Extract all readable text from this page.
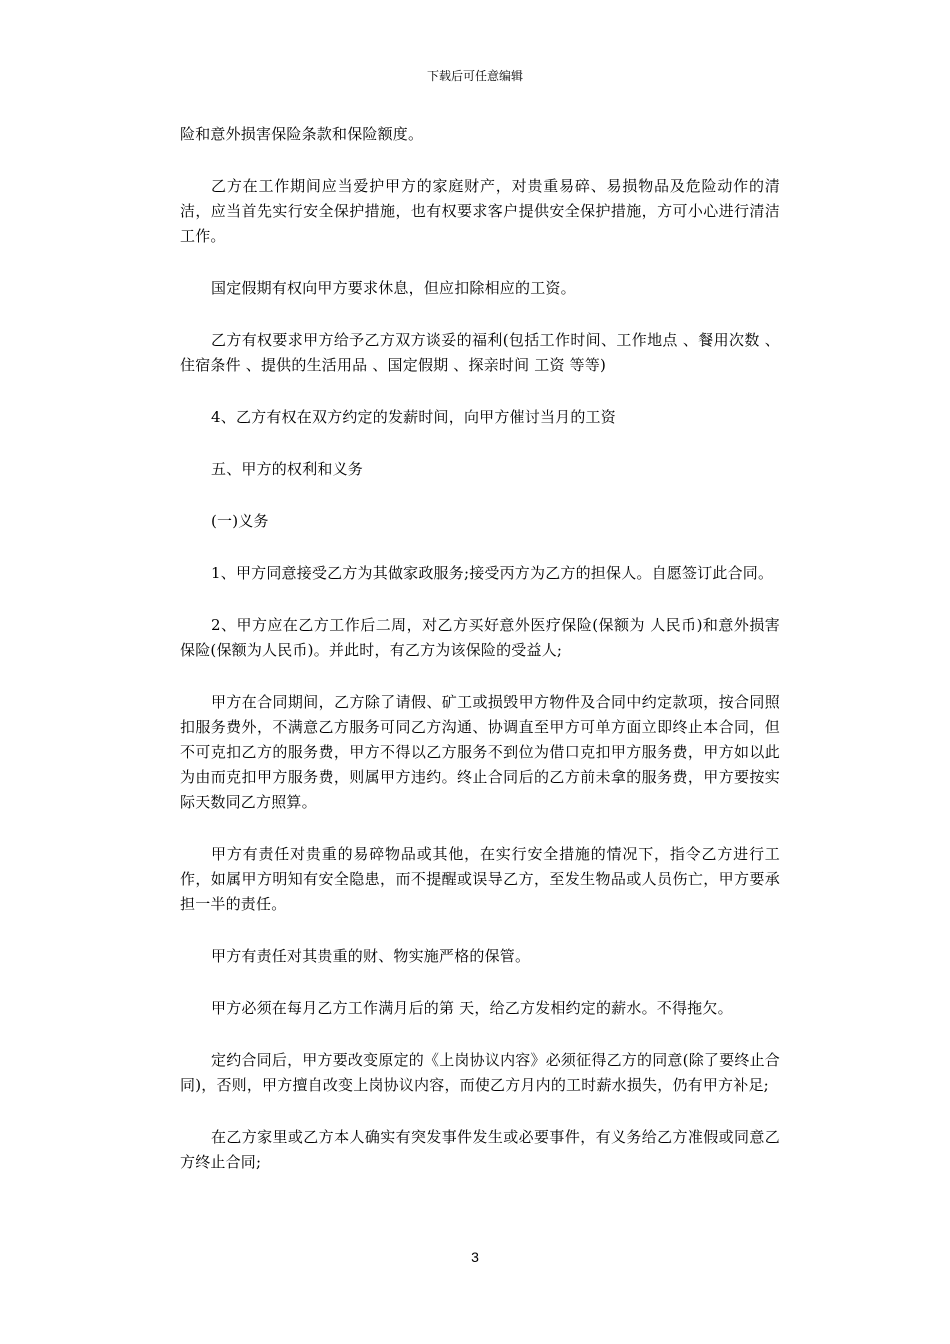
下载后可任意编辑

险和意外损害保险条款和保险额度。

乙方在工作期间应当爱护甲方的家庭财产，对贵重易碎、易损物品及危险动作的清洁，应当首先实行安全保护措施，也有权要求客户提供安全保护措施，方可小心进行清洁工作。

国定假期有权向甲方要求休息，但应扣除相应的工资。

乙方有权要求甲方给予乙方双方谈妥的福利(包括工作时间、工作地点 、餐用次数 、住宿条件 、提供的生活用品 、国定假期 、探亲时间 工资 等等)

4、乙方有权在双方约定的发薪时间，向甲方催讨当月的工资

五、甲方的权利和义务

(一)义务

1、甲方同意接受乙方为其做家政服务;接受丙方为乙方的担保人。自愿签订此合同。

2、甲方应在乙方工作后二周，对乙方买好意外医疗保险(保额为 人民币)和意外损害保险(保额为人民币)。并此时，有乙方为该保险的受益人;

甲方在合同期间，乙方除了请假、矿工或损毁甲方物件及合同中约定款项，按合同照扣服务费外，不满意乙方服务可同乙方沟通、协调直至甲方可单方面立即终止本合同，但不可克扣乙方的服务费，甲方不得以乙方服务不到位为借口克扣甲方服务费，甲方如以此为由而克扣甲方服务费，则属甲方违约。终止合同后的乙方前未拿的服务费，甲方要按实际天数同乙方照算。

甲方有责任对贵重的易碎物品或其他，在实行安全措施的情况下，指令乙方进行工作，如属甲方明知有安全隐患，而不提醒或误导乙方，至发生物品或人员伤亡，甲方要承担一半的责任。

甲方有责任对其贵重的财、物实施严格的保管。

甲方必须在每月乙方工作满月后的第 天，给乙方发相约定的薪水。不得拖欠。

定约合同后，甲方要改变原定的《上岗协议内容》必须征得乙方的同意(除了要终止合同)，否则，甲方擅自改变上岗协议内容，而使乙方月内的工时薪水损失，仍有甲方补足;

在乙方家里或乙方本人确实有突发事件发生或必要事件，有义务给乙方准假或同意乙方终止合同;

3
